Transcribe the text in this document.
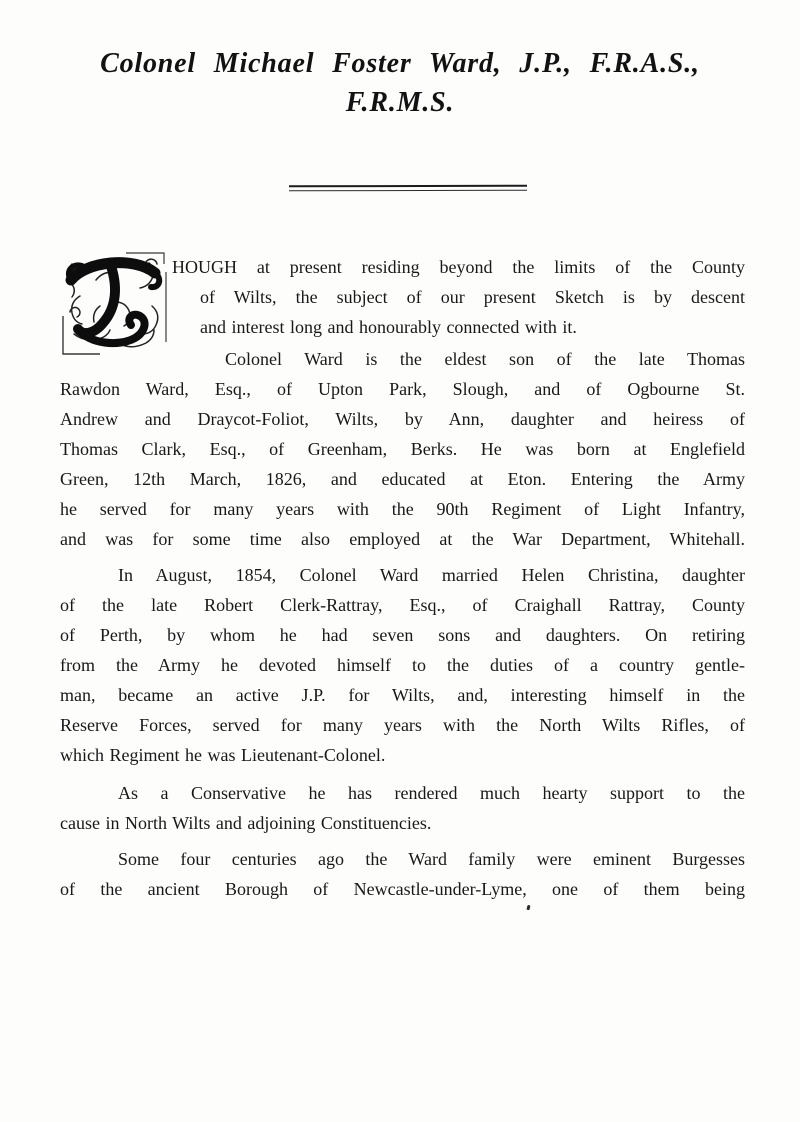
Colonel Michael Foster Ward, J.P., F.R.A.S.,
F.R.M.S.
HOUGH at present residing beyond the limits of the County
of Wilts, the subject of our present Sketch is by descent
and interest long and honourably connected with it.
Colonel Ward is the eldest son of the late Thomas
Rawdon Ward, Esq., of Upton Park, Slough, and of Ogbourne St.
Andrew and Draycot-Foliot, Wilts, by Ann, daughter and heiress of
Thomas Clark, Esq., of Greenham, Berks. He was born at Englefield
Green, 12th March, 1826, and educated at Eton. Entering the Army
he served for many years with the 90th Regiment of Light Infantry,
and was for some time also employed at the War Department, Whitehall.
In August, 1854, Colonel Ward married Helen Christina, daughter
of the late Robert Clerk-Rattray, Esq., of Craighall Rattray, County
of Perth, by whom he had seven sons and daughters. On retiring
from the Army he devoted himself to the duties of a country gentle-
man, became an active J.P. for Wilts, and, interesting himself in the
Reserve Forces, served for many years with the North Wilts Rifles, of
which Regiment he was Lieutenant-Colonel.
As a Conservative he has rendered much hearty support to the
cause in North Wilts and adjoining Constituencies.
Some four centuries ago the Ward family were eminent Burgesses
of the ancient Borough of Newcastle-under-Lyme, one of them being
